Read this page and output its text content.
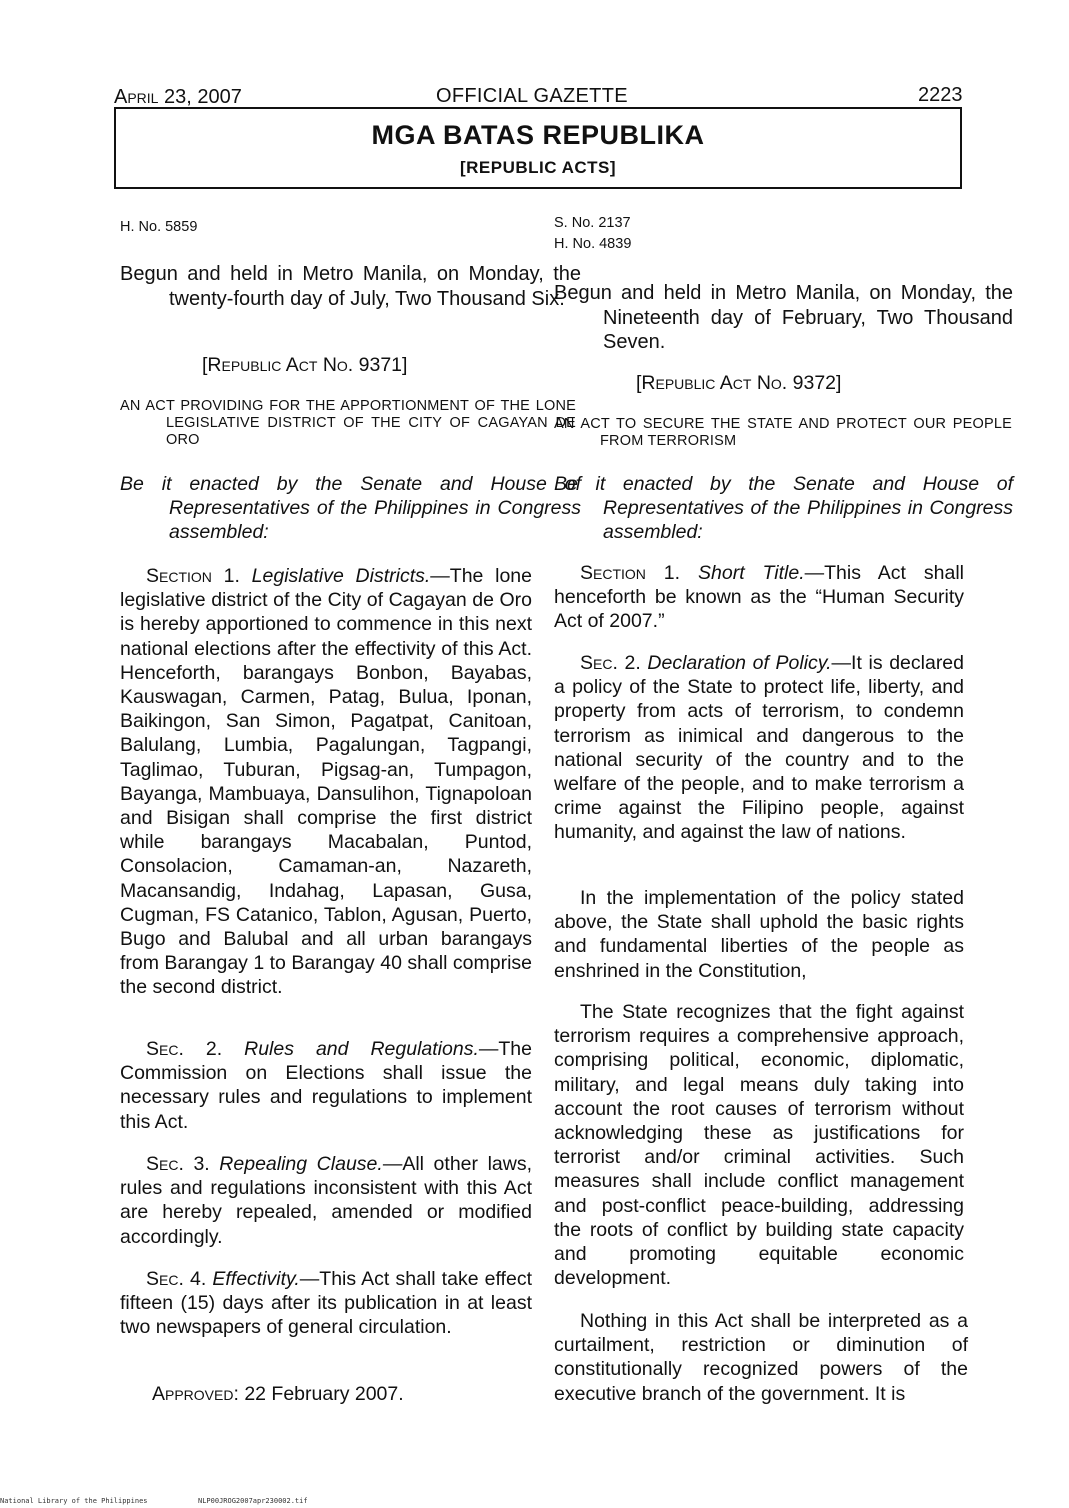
April 23, 2007	OFFICIAL GAZETTE	2223
MGA BATAS REPUBLIKA
[REPUBLIC ACTS]
H. No. 5859

Begun and held in Metro Manila, on Monday, the twenty-fourth day of July, Two Thousand Six.

[Republic Act No. 9371]

AN ACT PROVIDING FOR THE APPORTIONMENT OF THE LONE LEGISLATIVE DISTRICT OF THE CITY OF CAGAYAN DE ORO

Be it enacted by the Senate and House of Representatives of the Philippines in Congress assembled:

Section 1. Legislative Districts.—The lone legislative district of the City of Cagayan de Oro is hereby apportioned to commence in this next national elections after the effectivity of this Act. Henceforth, barangays Bonbon, Bayabas, Kauswagan, Carmen, Patag, Bulua, Iponan, Baikingon, San Simon, Pagatpat, Canitoan, Balulang, Lumbia, Pagalungan, Tagpangi, Taglimao, Tuburan, Pigsag-an, Tumpagon, Bayanga, Mambuaya, Dansulihon, Tignapoloan and Bisigan shall comprise the first district while barangays Macabalan, Puntod, Consolacion, Camaman-an, Nazareth, Macansandig, Indahag, Lapasan, Gusa, Cugman, FS Catanico, Tablon, Agusan, Puerto, Bugo and Balubal and all urban barangays from Barangay 1 to Barangay 40 shall comprise the second district.

Sec. 2. Rules and Regulations.—The Commission on Elections shall issue the necessary rules and regulations to implement this Act.

Sec. 3. Repealing Clause.—All other laws, rules and regulations inconsistent with this Act are hereby repealed, amended or modified accordingly.

Sec. 4. Effectivity.—This Act shall take effect fifteen (15) days after its publication in at least two newspapers of general circulation.

Approved: 22 February 2007.
S. No. 2137
H. No. 4839

Begun and held in Metro Manila, on Monday, the Nineteenth day of February, Two Thousand Seven.

[Republic Act No. 9372]

AN ACT TO SECURE THE STATE AND PROTECT OUR PEOPLE FROM TERRORISM

Be it enacted by the Senate and House of Representatives of the Philippines in Congress assembled:

Section 1. Short Title.—This Act shall henceforth be known as the “Human Security Act of 2007.”

Sec. 2. Declaration of Policy.—It is declared a policy of the State to protect life, liberty, and property from acts of terrorism, to condemn terrorism as inimical and dangerous to the national security of the country and to the welfare of the people, and to make terrorism a crime against the Filipino people, against humanity, and against the law of nations.

In the implementation of the policy stated above, the State shall uphold the basic rights and fundamental liberties of the people as enshrined in the Constitution,

The State recognizes that the fight against terrorism requires a comprehensive approach, comprising political, economic, diplomatic, military, and legal means duly taking into account the root causes of terrorism without acknowledging these as justifications for terrorist and/or criminal activities. Such measures shall include conflict management and post-conflict peace-building, addressing the roots of conflict by building state capacity and promoting equitable economic development.

Nothing in this Act shall be interpreted as a curtailment, restriction or diminution of constitutionally recognized powers of the executive branch of the government. It is

National Library of the Philippines	NLP00JROG2007apr230002.tif
